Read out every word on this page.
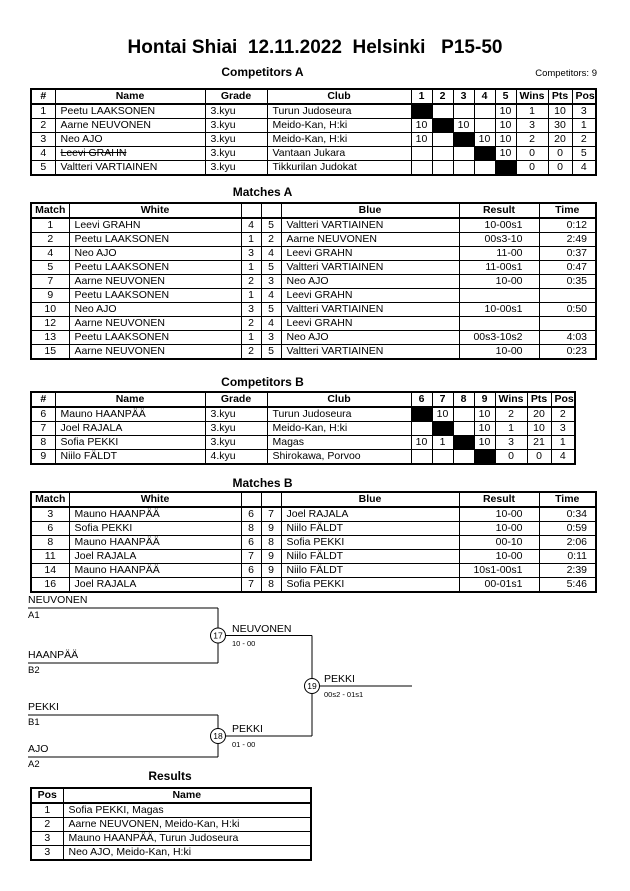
Hontai Shiai  12.11.2022  Helsinki   P15-50
Competitors: 9
Competitors A
#	Name	Grade	Club	1	2	3	4	5	Wins	Pts	Pos
1	Peetu LAAKSONEN	3.kyu	Turun Judoseura					10	1	10	3
2	Aarne NEUVONEN	3.kyu	Meido-Kan, H:ki	10		10		10	3	30	1
3	Neo AJO	3.kyu	Meido-Kan, H:ki	10			10	10	2	20	2
4	Leevi GRAHN	3.kyu	Vantaan Jukara					10	0	0	5
5	Valtteri VARTIAINEN	3.kyu	Tikkurilan Judokat						0	0	4
Matches A
Match	White			Blue	Result	Time
1	Leevi GRAHN	4	5	Valtteri VARTIAINEN	10-00s1	0:12
2	Peetu LAAKSONEN	1	2	Aarne NEUVONEN	00s3-10	2:49
4	Neo AJO	3	4	Leevi GRAHN	11-00	0:37
5	Peetu LAAKSONEN	1	5	Valtteri VARTIAINEN	11-00s1	0:47
7	Aarne NEUVONEN	2	3	Neo AJO	10-00	0:35
9	Peetu LAAKSONEN	1	4	Leevi GRAHN		
10	Neo AJO	3	5	Valtteri VARTIAINEN	10-00s1	0:50
12	Aarne NEUVONEN	2	4	Leevi GRAHN		
13	Peetu LAAKSONEN	1	3	Neo AJO	00s3-10s2	4:03
15	Aarne NEUVONEN	2	5	Valtteri VARTIAINEN	10-00	0:23
Competitors B
#	Name	Grade	Club	6	7	8	9	Wins	Pts	Pos
6	Mauno HAANPÄÄ	3.kyu	Turun Judoseura		10		10	2	20	2
7	Joel RAJALA	3.kyu	Meido-Kan, H:ki				10	1	10	3
8	Sofia PEKKI	3.kyu	Magas	10	1		10	3	21	1
9	Niilo FÄLDT	4.kyu	Shirokawa, Porvoo					0	0	4
Matches B
Match	White			Blue	Result	Time
3	Mauno HAANPÄÄ	6	7	Joel RAJALA	10-00	0:34
6	Sofia PEKKI	8	9	Niilo FÄLDT	10-00	0:59
8	Mauno HAANPÄÄ	6	8	Sofia PEKKI	00-10	2:06
11	Joel RAJALA	7	9	Niilo FÄLDT	10-00	0:11
14	Mauno HAANPÄÄ	6	9	Niilo FÄLDT	10s1-00s1	2:39
16	Joel RAJALA	7	8	Sofia PEKKI	00-01s1	5:46
NEUVONEN
A1
HAANPÄÄ
B2
PEKKI
B1
AJO
A2
NEUVONEN
10 - 00
PEKKI
01 - 00
PEKKI
00s2 - 01s1
17
18
19
Results
Pos	Name
1	Sofia PEKKI, Magas
2	Aarne NEUVONEN, Meido-Kan, H:ki
3	Mauno HAANPÄÄ, Turun Judoseura
3	Neo AJO, Meido-Kan, H:ki
